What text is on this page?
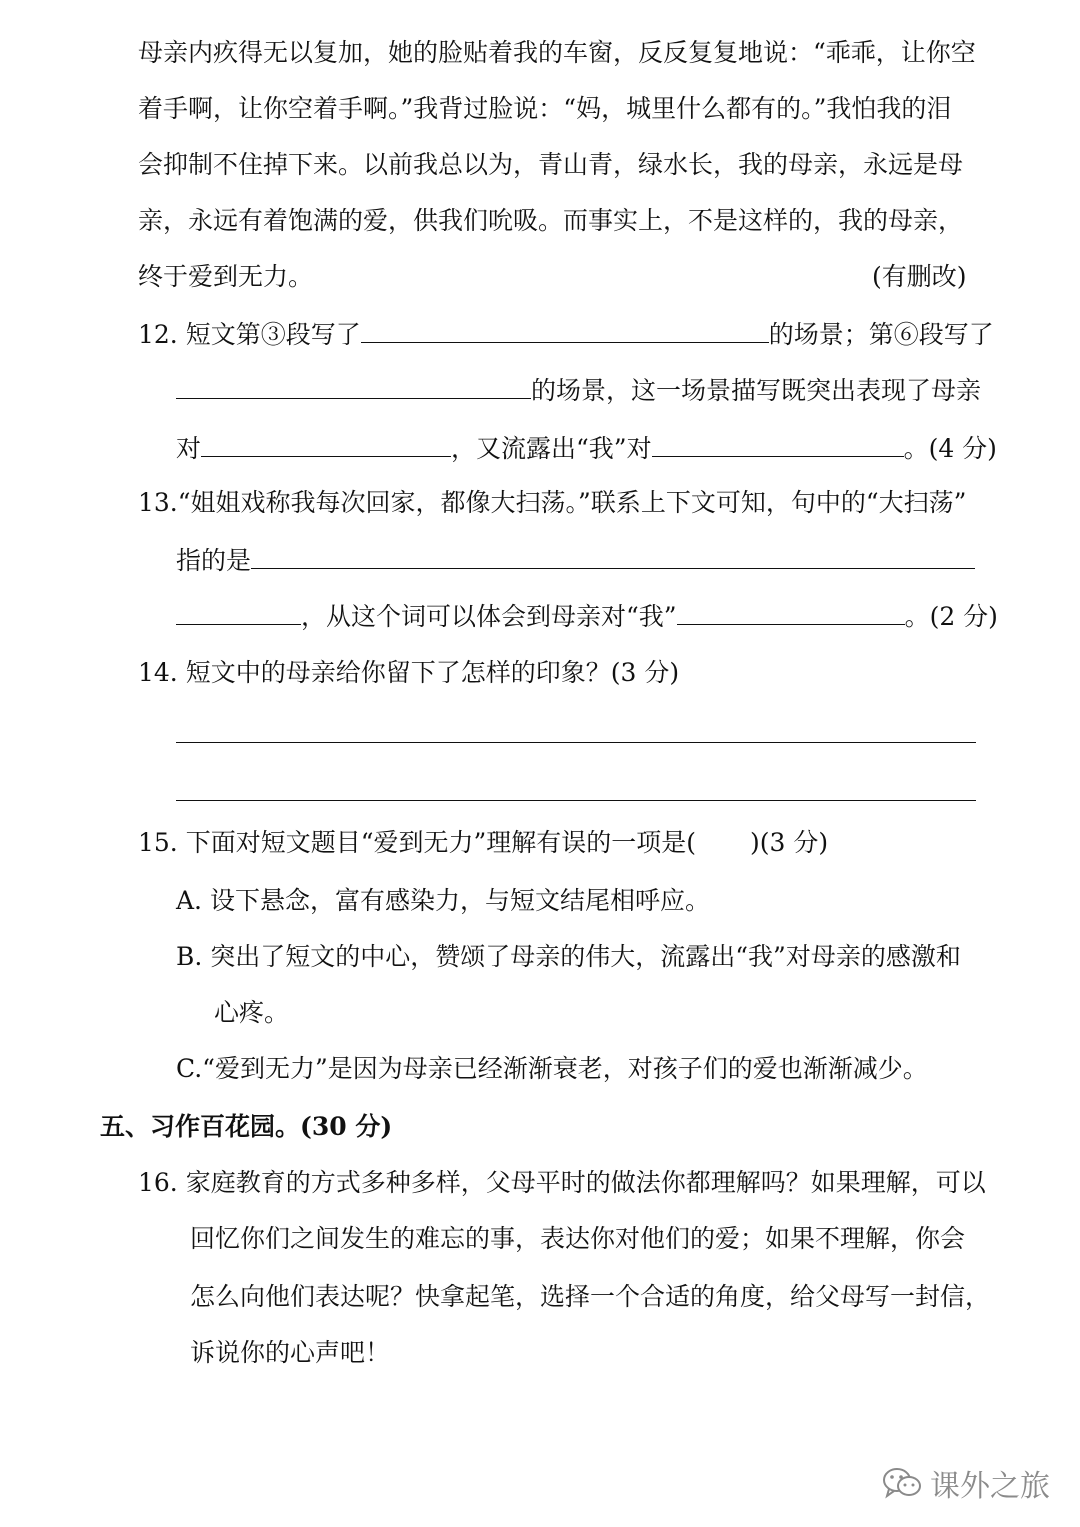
母亲内疚得无以复加，她的脸贴着我的车窗，反反复复地说：“乖乖，让你空
着手啊，让你空着手啊。”我背过脸说：“妈，城里什么都有的。”我怕我的泪
会抑制不住掉下来。以前我总以为，青山青，绿水长，我的母亲，永远是母
亲，永远有着饱满的爱，供我们吮吸。而事实上，不是这样的，我的母亲，
终于爱到无力。	(有删改)
12. 短文第③段写了	的场景；第⑥段写了
的场景，这一场景描写既突出表现了母亲
对	，又流露出“我”对	。(4 分)
13.“姐姐戏称我每次回家，都像大扫荡。”联系上下文可知，句中的“大扫荡”
指的是
，从这个词可以体会到母亲对“我”	。(2 分)
14. 短文中的母亲给你留下了怎样的印象？(3 分)
15. 下面对短文题目“爱到无力”理解有误的一项是( )(3 分)
A. 设下悬念，富有感染力，与短文结尾相呼应。
B. 突出了短文的中心，赞颂了母亲的伟大，流露出“我”对母亲的感激和
心疼。
C.“爱到无力”是因为母亲已经渐渐衰老，对孩子们的爱也渐渐减少。
五、习作百花园。(30 分)
16. 家庭教育的方式多种多样，父母平时的做法你都理解吗？如果理解，可以
回忆你们之间发生的难忘的事，表达你对他们的爱；如果不理解，你会
怎么向他们表达呢？快拿起笔，选择一个合适的角度，给父母写一封信，
诉说你的心声吧！
课外之旅
